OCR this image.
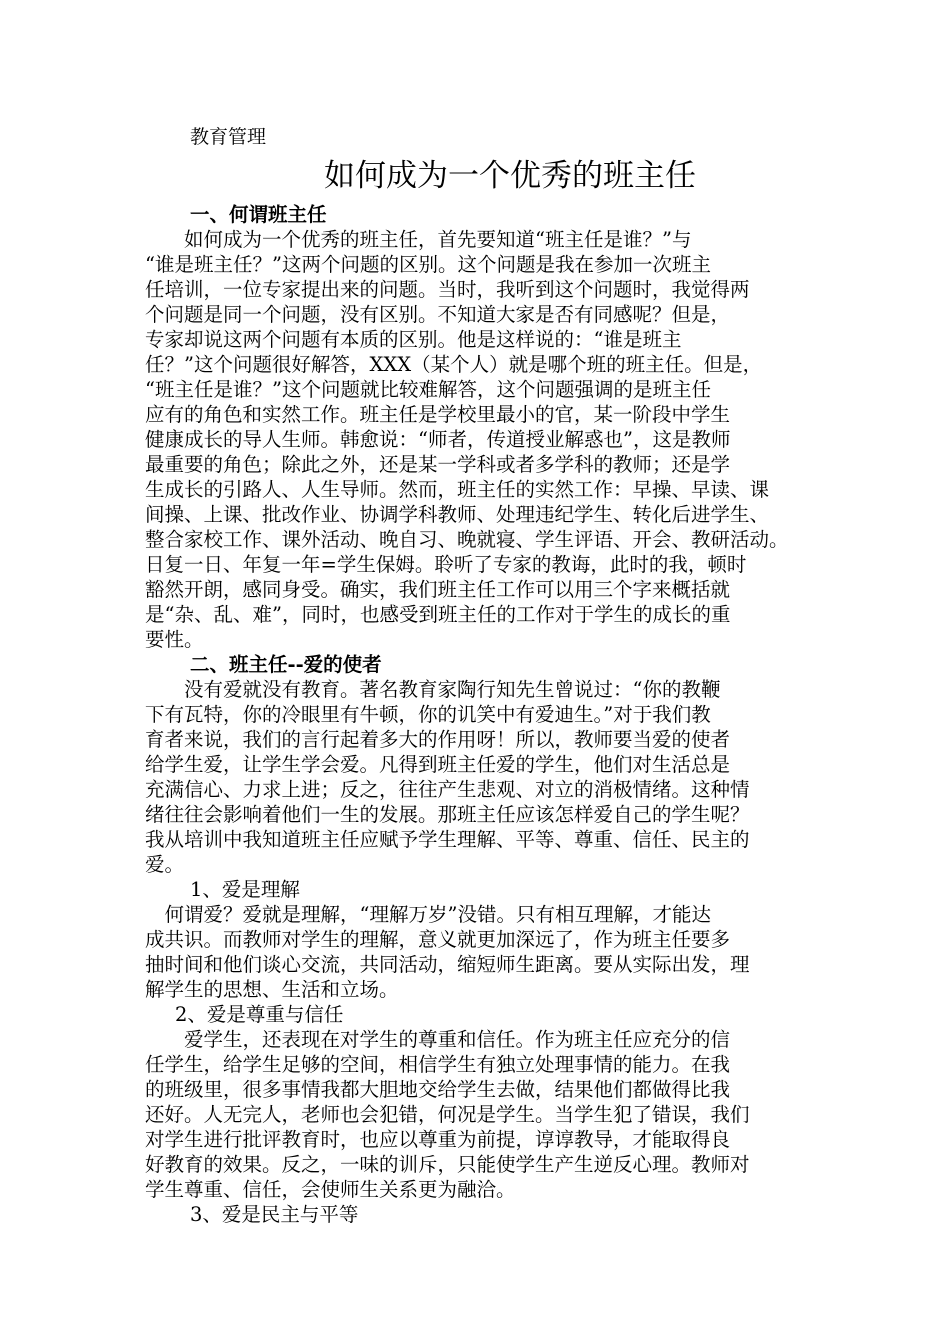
教育管理
如何成为一个优秀的班主任
一、何谓班主任
　　如何成为一个优秀的班主任，首先要知道“班主任是谁？”与
“谁是班主任？”这两个问题的区别。这个问题是我在参加一次班主
任培训，一位专家提出来的问题。当时，我听到这个问题时，我觉得两
个问题是同一个问题，没有区别。不知道大家是否有同感呢？但是，
专家却说这两个问题有本质的区别。他是这样说的：“谁是班主
任？”这个问题很好解答，XXX（某个人）就是哪个班的班主任。但是，
“班主任是谁？”这个问题就比较难解答，这个问题强调的是班主任
应有的角色和实然工作。班主任是学校里最小的官，某一阶段中学生
健康成长的导人生师。韩愈说：“师者，传道授业解惑也”，这是教师
最重要的角色；除此之外，还是某一学科或者多学科的教师；还是学
生成长的引路人、人生导师。然而，班主任的实然工作：早操、早读、课
间操、上课、批改作业、协调学科教师、处理违纪学生、转化后进学生、
整合家校工作、课外活动、晚自习、晚就寝、学生评语、开会、教研活动。
日复一日、年复一年=学生保姆。聆听了专家的教诲，此时的我，顿时
豁然开朗，感同身受。确实，我们班主任工作可以用三个字来概括就
是“杂、乱、难”，同时，也感受到班主任的工作对于学生的成长的重
要性。
二、班主任--爱的使者
　　没有爱就没有教育。著名教育家陶行知先生曾说过：“你的教鞭
下有瓦特，你的冷眼里有牛顿，你的讥笑中有爱迪生。”对于我们教
育者来说，我们的言行起着多大的作用呀！所以，教师要当爱的使者
给学生爱，让学生学会爱。凡得到班主任爱的学生，他们对生活总是
充满信心、力求上进；反之，往往产生悲观、对立的消极情绪。这种情
绪往往会影响着他们一生的发展。那班主任应该怎样爱自己的学生呢？
我从培训中我知道班主任应赋予学生理解、平等、尊重、信任、民主的
爱。
1、爱是理解
　何谓爱？爱就是理解，“理解万岁”没错。只有相互理解，才能达
成共识。而教师对学生的理解，意义就更加深远了，作为班主任要多
抽时间和他们谈心交流，共同活动，缩短师生距离。要从实际出发，理
解学生的思想、生活和立场。
2、爱是尊重与信任
　　爱学生，还表现在对学生的尊重和信任。作为班主任应充分的信
任学生，给学生足够的空间，相信学生有独立处理事情的能力。在我
的班级里，很多事情我都大胆地交给学生去做，结果他们都做得比我
还好。人无完人，老师也会犯错，何况是学生。当学生犯了错误，我们
对学生进行批评教育时，也应以尊重为前提，谆谆教导，才能取得良
好教育的效果。反之，一味的训斥，只能使学生产生逆反心理。教师对
学生尊重、信任，会使师生关系更为融洽。
3、爱是民主与平等
